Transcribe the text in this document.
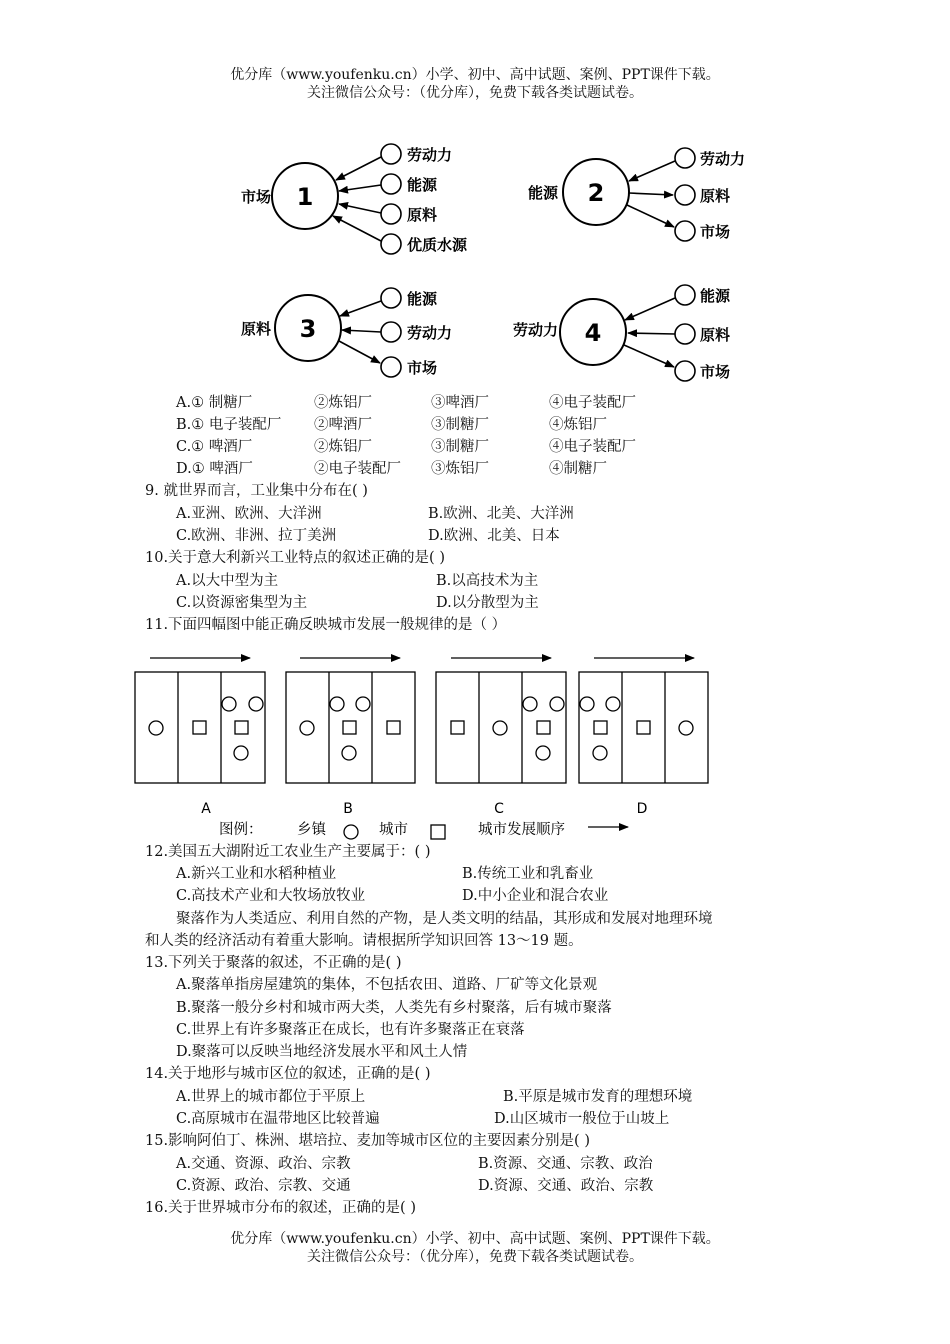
优分库（www.youfenku.cn）小学、初中、高中试题、案例、PPT课件下载。
关注微信公众号：（优分库），免费下载各类试题试卷。
1
市场
劳动力
能源
原料
优质水源
2
能源
劳动力
原料
市场
3
原料
能源
劳动力
市场
4
劳动力
能源
原料
市场
A.① 制糖厂	②炼铝厂	③啤酒厂	④电子装配厂
B.① 电子装配厂 ②啤酒厂	③制糖厂	④炼铝厂
C.① 啤酒厂	②炼铝厂	③制糖厂	④电子装配厂
D.① 啤酒厂	②电子装配厂 ③炼铝厂	④制糖厂
9. 就世界而言，工业集中分布在( )
A.亚洲、欧洲、大洋洲	B.欧洲、北美、大洋洲
C.欧洲、非洲、拉丁美洲	D.欧洲、北美、日本
10.关于意大利新兴工业特点的叙述正确的是( )
A.以大中型为主	B.以高技术为主
C.以资源密集型为主	D.以分散型为主
11.下面四幅图中能正确反映城市发展一般规律的是（ ）
A	B	C	D
图例： 乡镇	城市	城市发展顺序
12.美国五大湖附近工农业生产主要属于：( )
A.新兴工业和水稻种植业	B.传统工业和乳畜业
C.高技术产业和大牧场放牧业	D.中小企业和混合农业
聚落作为人类适应、利用自然的产物，是人类文明的结晶，其形成和发展对地理环境
和人类的经济活动有着重大影响。请根据所学知识回答 13～19 题。
13.下列关于聚落的叙述，不正确的是( )
A.聚落单指房屋建筑的集体，不包括农田、道路、厂矿等文化景观
B.聚落一般分乡村和城市两大类，人类先有乡村聚落，后有城市聚落
C.世界上有许多聚落正在成长，也有许多聚落正在衰落
D.聚落可以反映当地经济发展水平和风土人情
14.关于地形与城市区位的叙述，正确的是( )
A.世界上的城市都位于平原上	B.平原是城市发育的理想环境
C.高原城市在温带地区比较普遍	D.山区城市一般位于山坡上
15.影响阿伯丁、株洲、堪培拉、麦加等城市区位的主要因素分别是( )
A.交通、资源、政治、宗教	B.资源、交通、宗教、政治
C.资源、政治、宗教、交通	D.资源、交通、政治、宗教
16.关于世界城市分布的叙述，正确的是( )
优分库（www.youfenku.cn）小学、初中、高中试题、案例、PPT课件下载。
关注微信公众号：（优分库），免费下载各类试题试卷。
